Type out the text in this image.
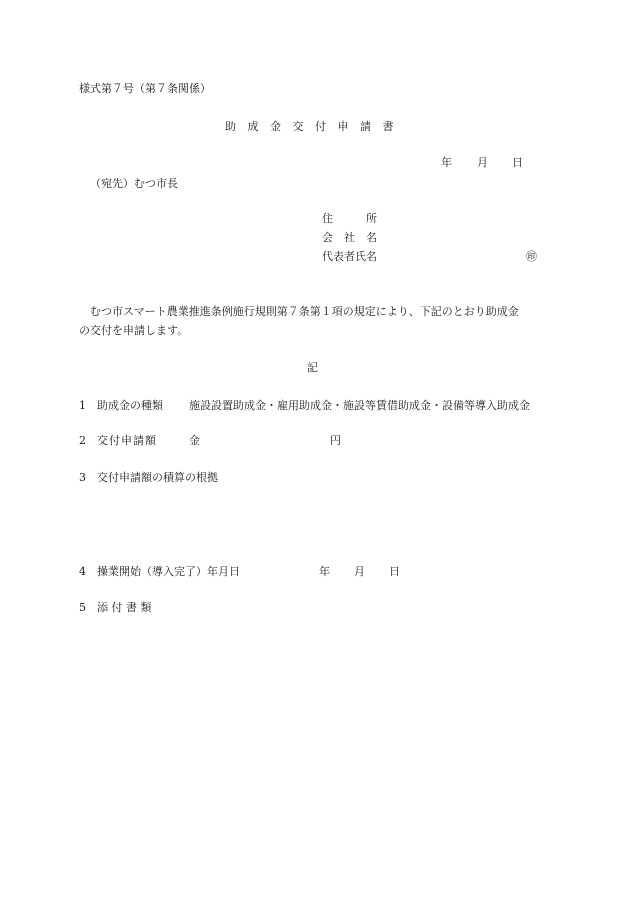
様式第７号（第７条関係）
助 成 金 交 付 申 請 書
年 月 日
（宛先）むつ市長
住　　　所
会　社　名
代表者氏名	㊞
　むつ市スマート農業推進条例施行規則第７条第１項の規定により、下記のとおり助成金
の交付を申請します。
記
1 助成金の種類 施設設置助成金・雇用助成金・施設等賃借助成金・設備等導入助成金
2 交付申請額	金	円
3 交付申請額の積算の根拠
4 操業開始（導入完了）年月日	年 月 日
5 添 付 書 類
